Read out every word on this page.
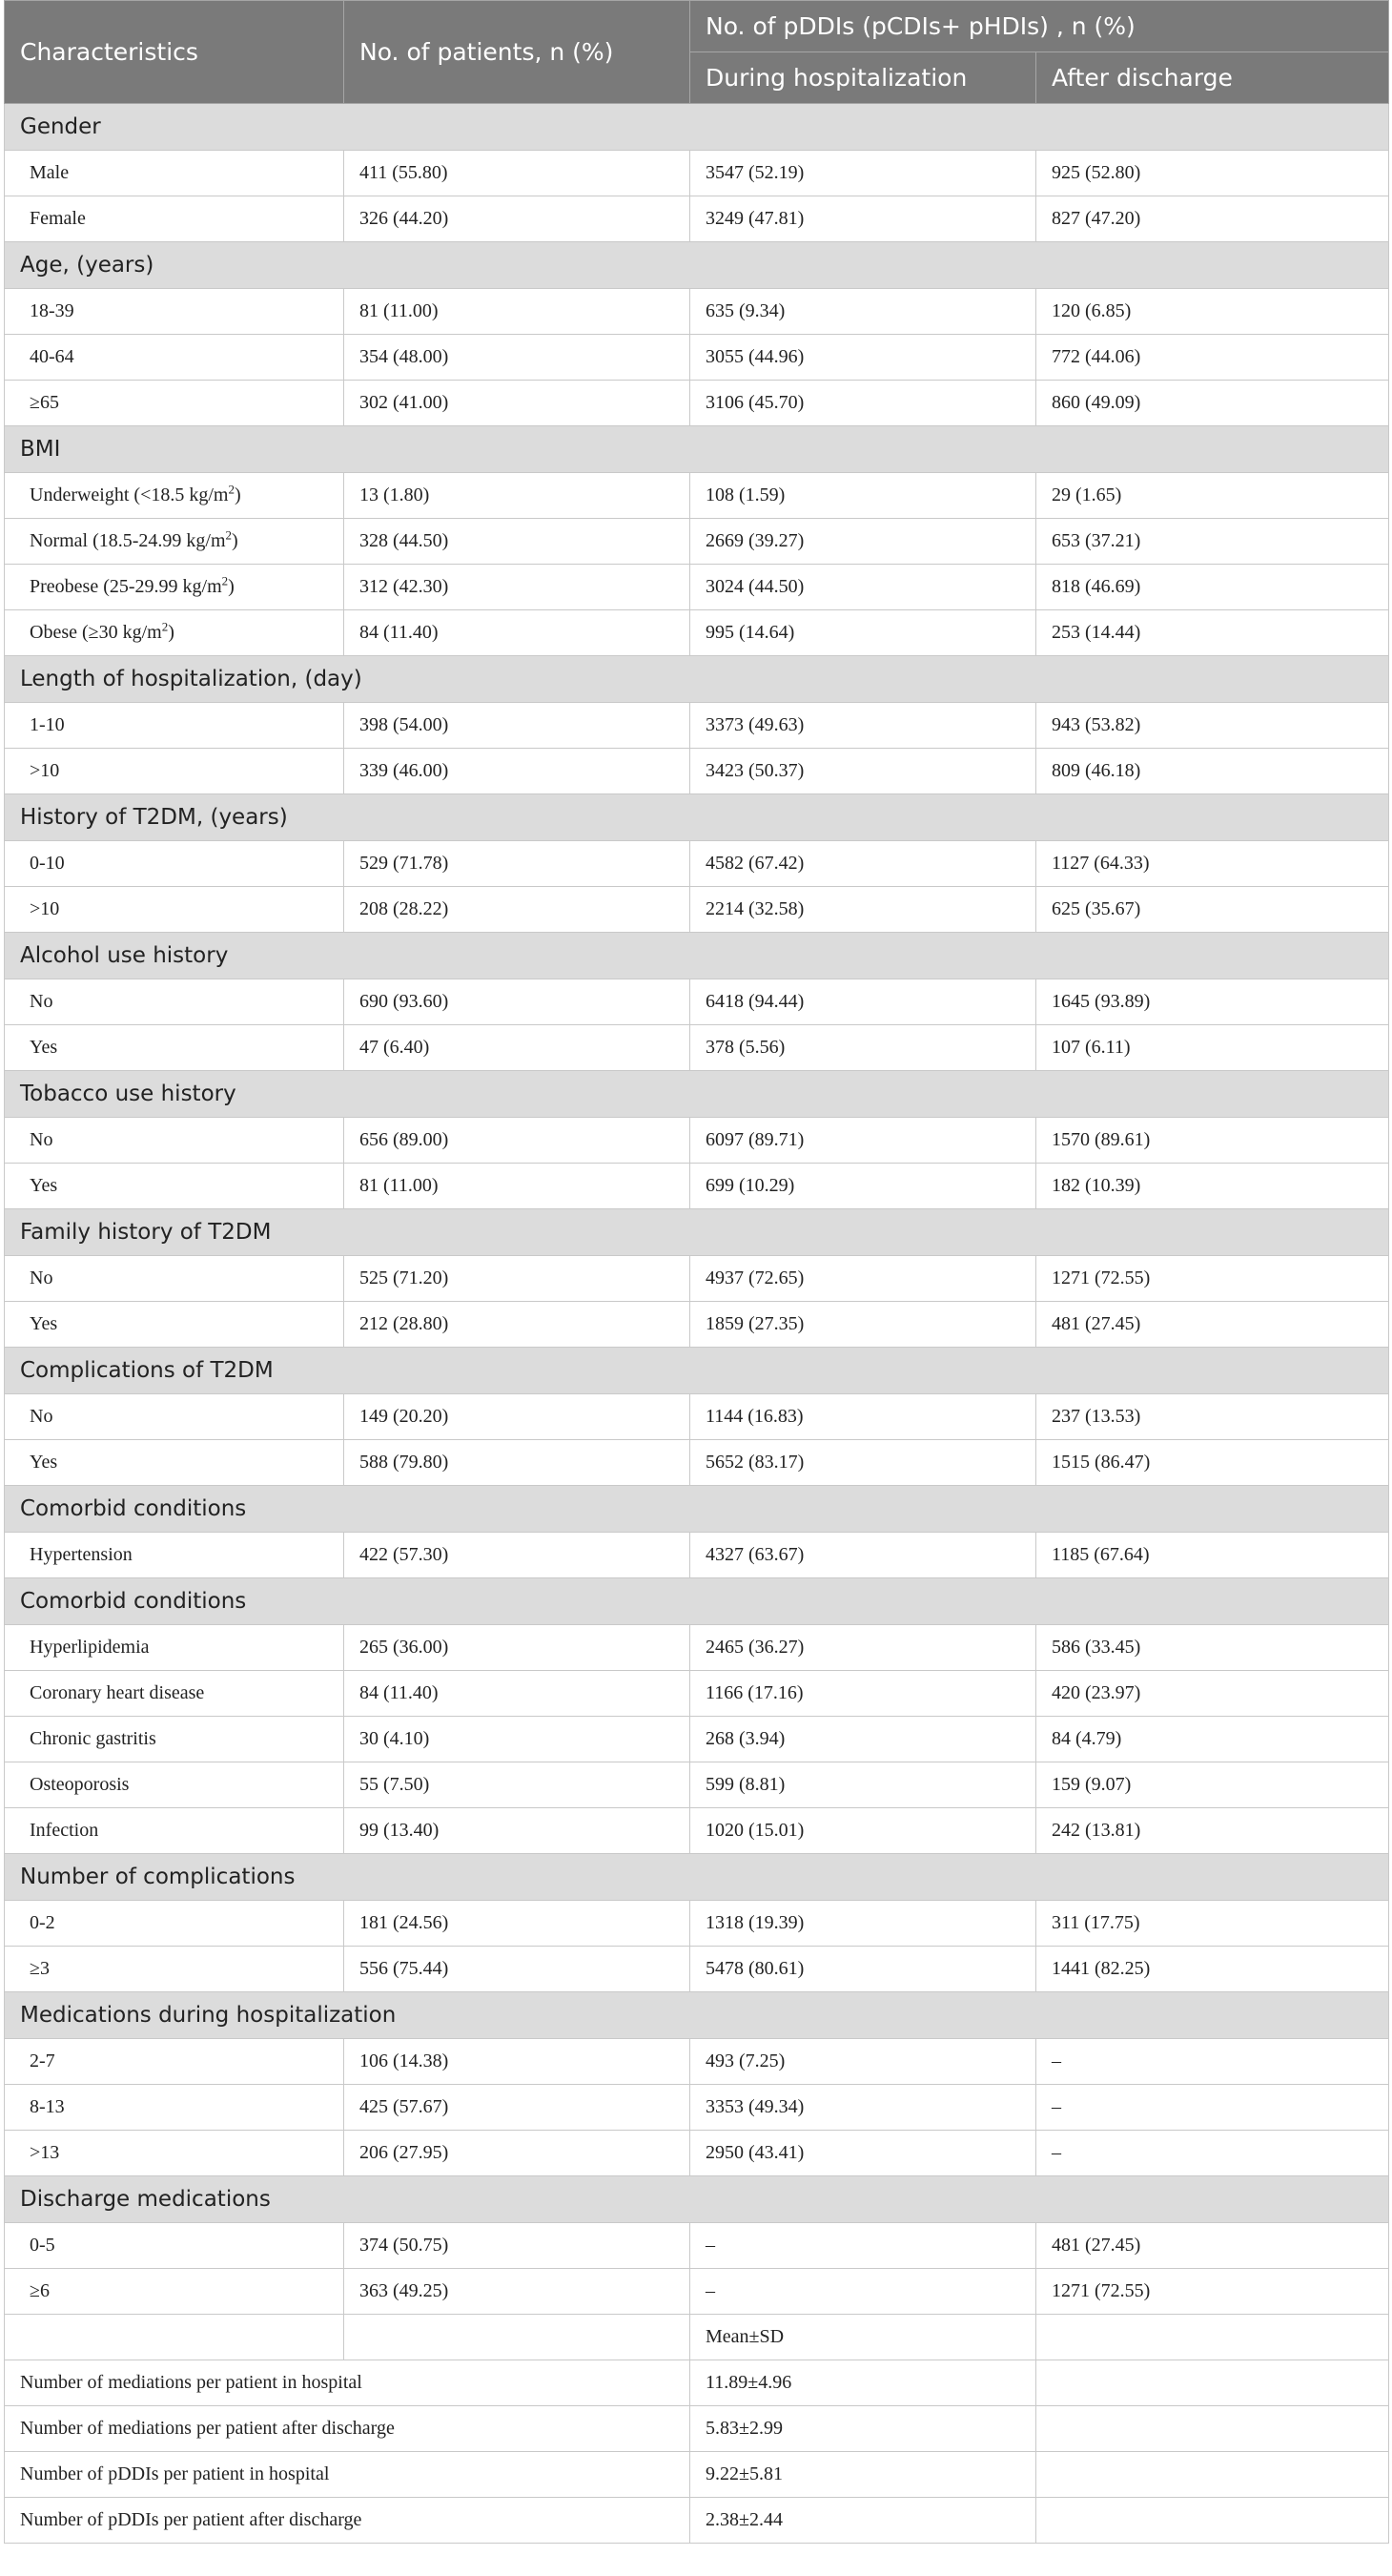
Characteristics	No. of patients, n (%)	No. of pDDIs (pCDIs+ pHDIs) , n (%)	
		During hospitalization	After discharge
Gender			
Male	411 (55.80)	3547 (52.19)	925 (52.80)
Female	326 (44.20)	3249 (47.81)	827 (47.20)
Age, (years)			
18-39	81 (11.00)	635 (9.34)	120 (6.85)
40-64	354 (48.00)	3055 (44.96)	772 (44.06)
≥65	302 (41.00)	3106 (45.70)	860 (49.09)
BMI			
Underweight (<18.5 $kg/m^2$)	13 (1.80)	108 (1.59)	29 (1.65)
Normal (18.5-24.99 $kg/m^2$)	328 (44.50)	2669 (39.27)	653 (37.21)
Preobese (25-29.99 $kg/m^2$)	312 (42.30)	3024 (44.50)	818 (46.69)
Obese (≥30 $kg/m^2$)	84 (11.40)	995 (14.64)	253 (14.44)
Length of hospitalization, (day)			
1-10	398 (54.00)	3373 (49.63)	943 (53.82)
>10	339 (46.00)	3423 (50.37)	809 (46.18)
History of T2DM, (years)			
0-10	529 (71.78)	4582 (67.42)	1127 (64.33)
>10	208 (28.22)	2214 (32.58)	625 (35.67)
Alcohol use history			
No	690 (93.60)	6418 (94.44)	1645 (93.89)
Yes	47 (6.40)	378 (5.56)	107 (6.11)
Tobacco use history			
No	656 (89.00)	6097 (89.71)	1570 (89.61)
Yes	81 (11.00)	699 (10.29)	182 (10.39)
Family history of T2DM			
No	525 (71.20)	4937 (72.65)	1271 (72.55)
Yes	212 (28.80)	1859 (27.35)	481 (27.45)
Complications of T2DM			
No	149 (20.20)	1144 (16.83)	237 (13.53)
Yes	588 (79.80)	5652 (83.17)	1515 (86.47)
Comorbid conditions			
Hypertension	422 (57.30)	4327 (63.67)	1185 (67.64)
Comorbid conditions			
Hyperlipidemia	265 (36.00)	2465 (36.27)	586 (33.45)
Coronary heart disease	84 (11.40)	1166 (17.16)	420 (23.97)
Chronic gastritis	30 (4.10)	268 (3.94)	84 (4.79)
Osteoporosis	55 (7.50)	599 (8.81)	159 (9.07)
Infection	99 (13.40)	1020 (15.01)	242 (13.81)
Number of complications			
0-2	181 (24.56)	1318 (19.39)	311 (17.75)
≥3	556 (75.44)	5478 (80.61)	1441 (82.25)
Medications during hospitalization			
2-7	106 (14.38)	493 (7.25)	–
8-13	425 (57.67)	3353 (49.34)	–
>13	206 (27.95)	2950 (43.41)	–
Discharge medications			
0-5	374 (50.75)	–	481 (27.45)
≥6	363 (49.25)	–	1271 (72.55)
		Mean±SD	
Number of mediations per patient in hospital		11.89±4.96	
Number of mediations per patient after discharge		5.83±2.99	
Number of pDDIs per patient in hospital		9.22±5.81	
Number of pDDIs per patient after discharge		2.38±2.44	
